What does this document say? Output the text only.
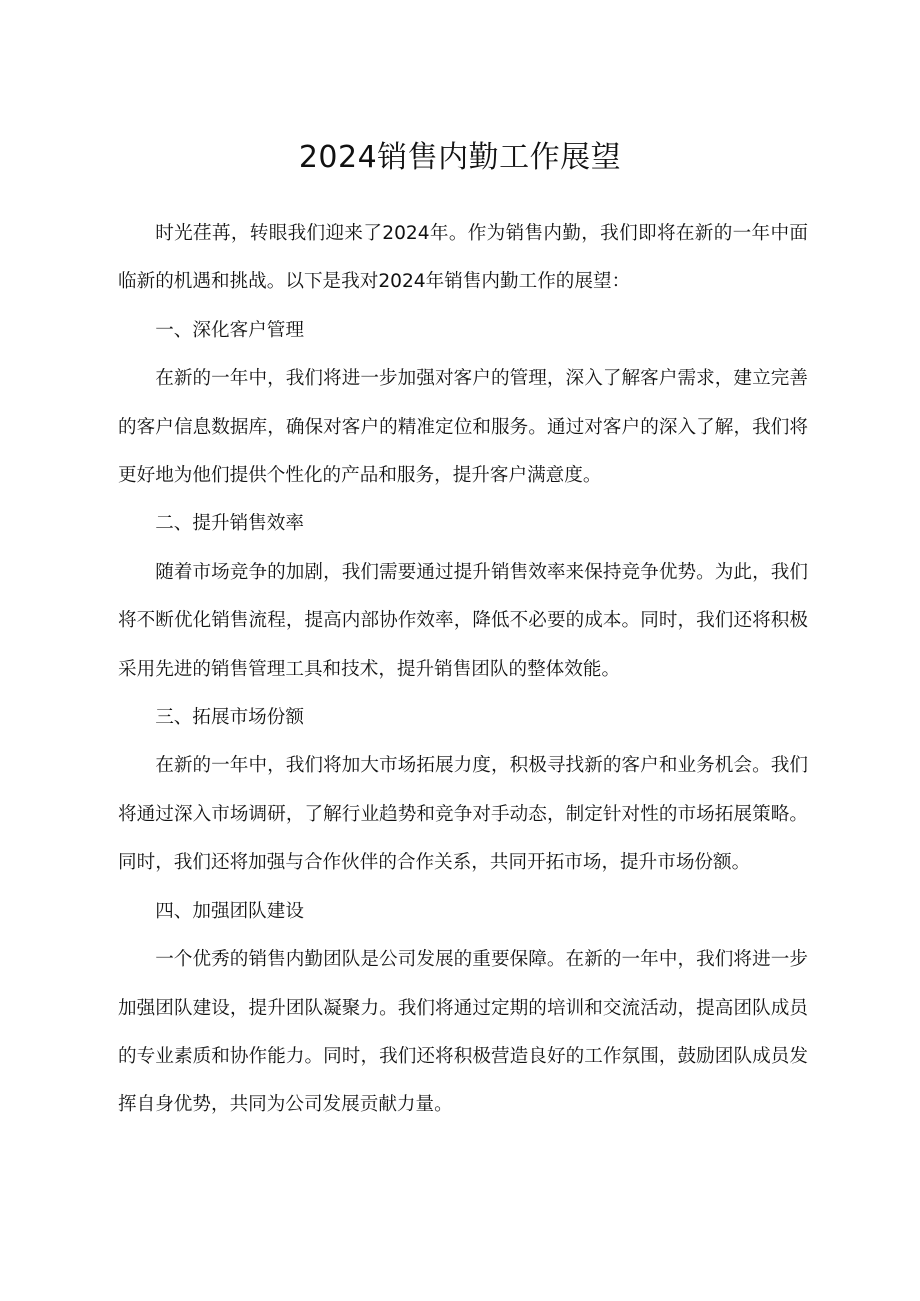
2024销售内勤工作展望

时光荏苒，转眼我们迎来了2024年。作为销售内勤，我们即将在新的一年中面临新的机遇和挑战。以下是我对2024年销售内勤工作的展望：

一、深化客户管理

在新的一年中，我们将进一步加强对客户的管理，深入了解客户需求，建立完善的客户信息数据库，确保对客户的精准定位和服务。通过对客户的深入了解，我们将更好地为他们提供个性化的产品和服务，提升客户满意度。

二、提升销售效率

随着市场竞争的加剧，我们需要通过提升销售效率来保持竞争优势。为此，我们将不断优化销售流程，提高内部协作效率，降低不必要的成本。同时，我们还将积极采用先进的销售管理工具和技术，提升销售团队的整体效能。

三、拓展市场份额

在新的一年中，我们将加大市场拓展力度，积极寻找新的客户和业务机会。我们将通过深入市场调研，了解行业趋势和竞争对手动态，制定针对性的市场拓展策略。同时，我们还将加强与合作伙伴的合作关系，共同开拓市场，提升市场份额。

四、加强团队建设

一个优秀的销售内勤团队是公司发展的重要保障。在新的一年中，我们将进一步加强团队建设，提升团队凝聚力。我们将通过定期的培训和交流活动，提高团队成员的专业素质和协作能力。同时，我们还将积极营造良好的工作氛围，鼓励团队成员发挥自身优势，共同为公司发展贡献力量。
